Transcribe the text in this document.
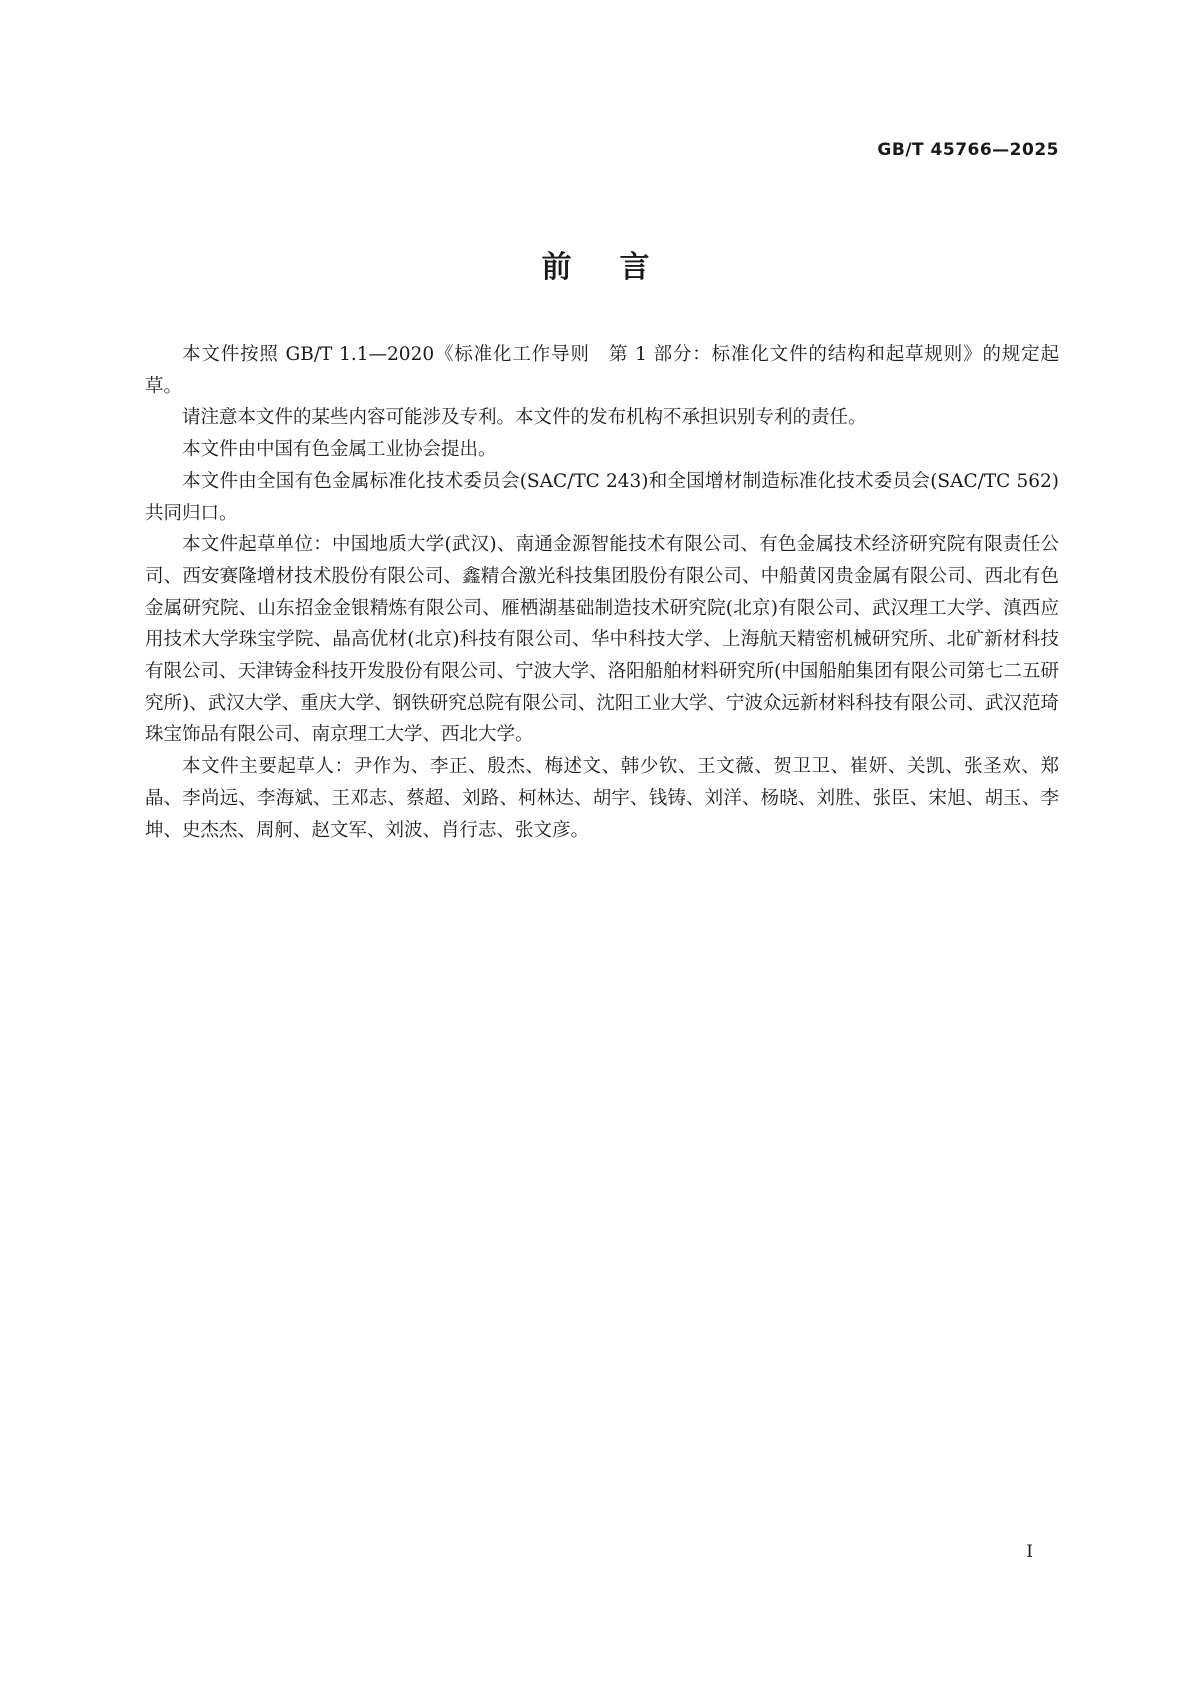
GB/T 45766—2025
前言

本文件按照 GB/T 1.1—2020《标准化工作导则　第 1 部分：标准化文件的结构和起草规则》的规定起草。

请注意本文件的某些内容可能涉及专利。本文件的发布机构不承担识别专利的责任。

本文件由中国有色金属工业协会提出。

本文件由全国有色金属标准化技术委员会(SAC/TC 243)和全国增材制造标准化技术委员会(SAC/TC 562)共同归口。

本文件起草单位：中国地质大学(武汉)、南通金源智能技术有限公司、有色金属技术经济研究院有限责任公司、西安赛隆增材技术股份有限公司、鑫精合激光科技集团股份有限公司、中船黄冈贵金属有限公司、西北有色金属研究院、山东招金金银精炼有限公司、雁栖湖基础制造技术研究院(北京)有限公司、武汉理工大学、滇西应用技术大学珠宝学院、晶高优材(北京)科技有限公司、华中科技大学、上海航天精密机械研究所、北矿新材科技有限公司、天津铸金科技开发股份有限公司、宁波大学、洛阳船舶材料研究所(中国船舶集团有限公司第七二五研究所)、武汉大学、重庆大学、钢铁研究总院有限公司、沈阳工业大学、宁波众远新材料科技有限公司、武汉范琦珠宝饰品有限公司、南京理工大学、西北大学。

本文件主要起草人：尹作为、李正、殷杰、梅述文、韩少钦、王文薇、贺卫卫、崔妍、关凯、张圣欢、郑晶、李尚远、李海斌、王邓志、蔡超、刘路、柯林达、胡宇、钱铸、刘洋、杨晓、刘胜、张臣、宋旭、胡玉、李坤、史杰杰、周舸、赵文军、刘波、肖行志、张文彦。

I
